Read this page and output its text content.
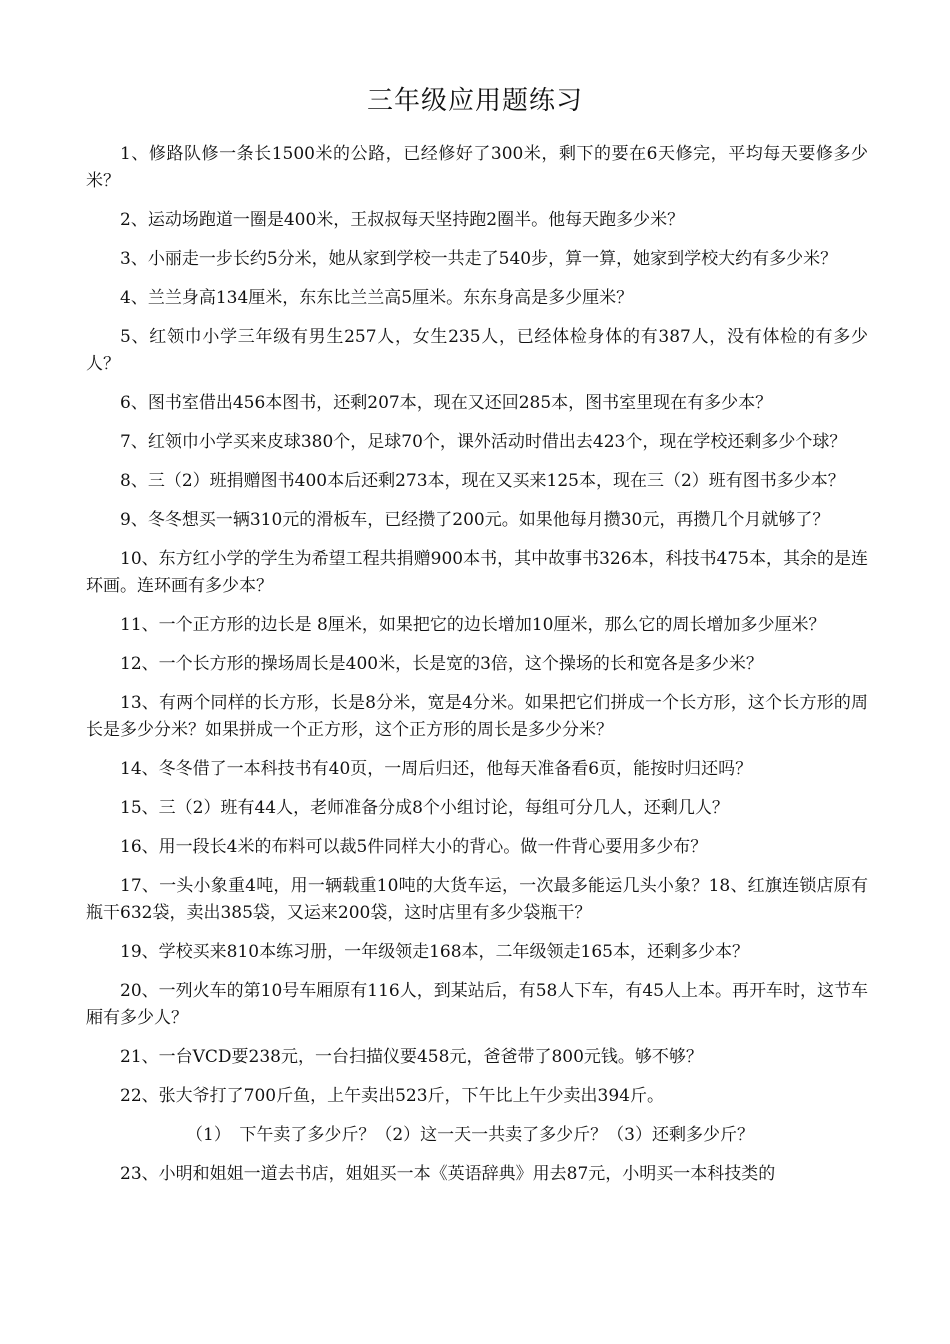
三年级应用题练习

1、修路队修一条长1500米的公路，已经修好了300米，剩下的要在6天修完，平均每天要修多少米？

2、运动场跑道一圈是400米，王叔叔每天坚持跑2圈半。他每天跑多少米？

3、小丽走一步长约5分米，她从家到学校一共走了540步，算一算，她家到学校大约有多少米？

4、兰兰身高134厘米，东东比兰兰高5厘米。东东身高是多少厘米？

5、红领巾小学三年级有男生257人，女生235人，已经体检身体的有387人，没有体检的有多少人？

6、图书室借出456本图书，还剩207本，现在又还回285本，图书室里现在有多少本？

7、红领巾小学买来皮球380个，足球70个，课外活动时借出去423个，现在学校还剩多少个球？

8、三（2）班捐赠图书400本后还剩273本，现在又买来125本，现在三（2）班有图书多少本？

9、冬冬想买一辆310元的滑板车，已经攒了200元。如果他每月攒30元，再攒几个月就够了？

10、东方红小学的学生为希望工程共捐赠900本书，其中故事书326本，科技书475本，其余的是连环画。连环画有多少本？

11、一个正方形的边长是 8厘米，如果把它的边长增加10厘米，那么它的周长增加多少厘米？

12、一个长方形的操场周长是400米，长是宽的3倍，这个操场的长和宽各是多少米？

13、有两个同样的长方形，长是8分米，宽是4分米。如果把它们拼成一个长方形，这个长方形的周长是多少分米？如果拼成一个正方形，这个正方形的周长是多少分米？

14、冬冬借了一本科技书有40页，一周后归还，他每天准备看6页，能按时归还吗？

15、三（2）班有44人，老师准备分成8个小组讨论，每组可分几人，还剩几人？

16、用一段长4米的布料可以裁5件同样大小的背心。做一件背心要用多少布？

17、一头小象重4吨，用一辆载重10吨的大货车运，一次最多能运几头小象？18、红旗连锁店原有瓶干632袋，卖出385袋，又运来200袋，这时店里有多少袋瓶干？

19、学校买来810本练习册，一年级领走168本，二年级领走165本，还剩多少本？

20、一列火车的第10号车厢原有116人，到某站后，有58人下车，有45人上本。再开车时，这节车厢有多少人？

21、一台VCD要238元，一台扫描仪要458元，爸爸带了800元钱。够不够？

22、张大爷打了700斤鱼，上午卖出523斤，下午比上午少卖出394斤。

（1）　下午卖了多少斤？（2）这一天一共卖了多少斤？（3）还剩多少斤？

23、小明和姐姐一道去书店，姐姐买一本《英语辞典》用去87元，小明买一本科技类的
